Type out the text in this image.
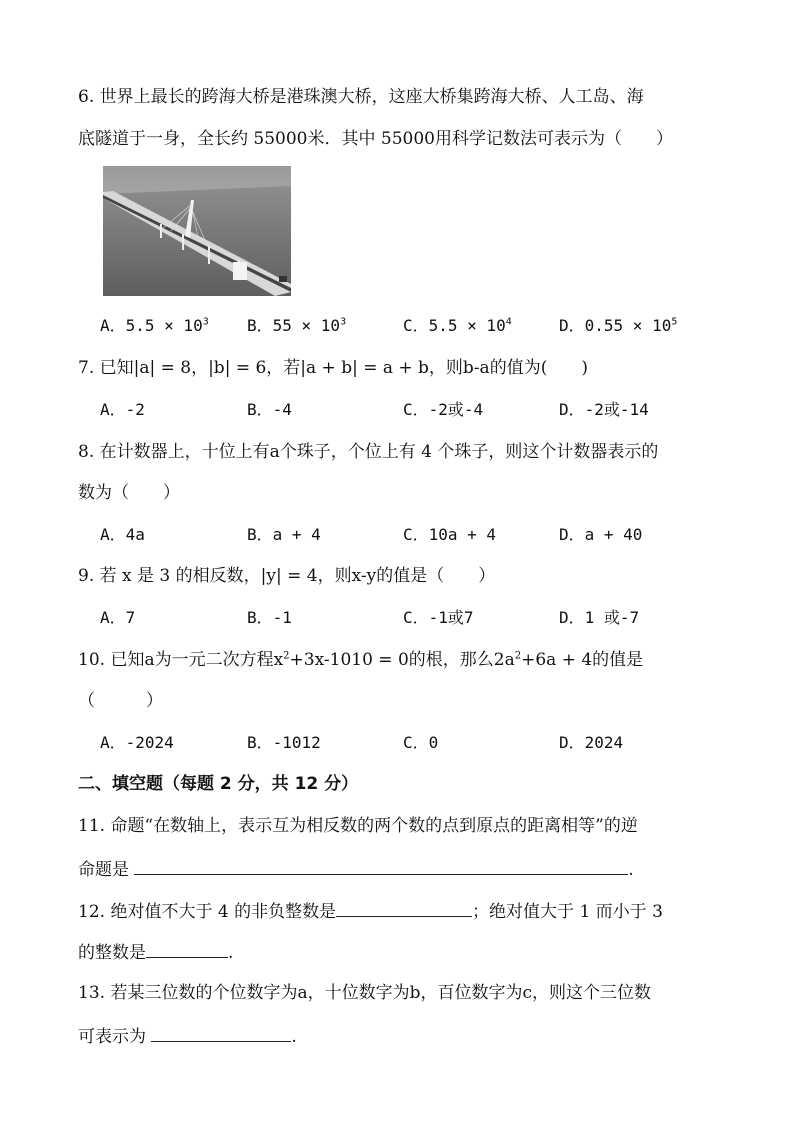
6. 世界上最长的跨海大桥是港珠澳大桥，这座大桥集跨海大桥、人工岛、海
底隧道于一身，全长约 55000米．其中 55000用科学记数法可表示为（　　）
A．$5.5 \times 10^3$ B．$55 \times 10^3$	C．$5.5 \times 10^4$	D．$0.55 \times 10^5$
7. 已知|a| = 8，|b| = 6，若|a + b| = a + b，则b-a的值为(　　)
A．-2	B．-4	C．-2或-4	D．-2或-14
8. 在计数器上，十位上有a个珠子，个位上有 4 个珠子，则这个计数器表示的
数为（　　）
A．4a	B．a + 4	C．10a + 4	D．a + 40
9. 若 x 是 3 的相反数，|y| = 4，则x-y的值是（　　）
A．7	B．-1	C．-1或7	D．1 或-7
10. 已知a为一元二次方程$x^2+3x-1010 = 0$的根，那么$2a^2+6a + 4$的值是
（　　　）
A．-2024	B．-1012	C．0	D．2024
二、填空题（每题 2 分，共 12 分）
11. 命题“在数轴上，表示互为相反数的两个数的点到原点的距离相等”的逆
命题是	.
12. 绝对值不大于 4 的非负整数是	；绝对值大于 1 而小于 3
的整数是	.
13. 若某三位数的个位数字为a，十位数字为b，百位数字为c，则这个三位数
可表示为	.
